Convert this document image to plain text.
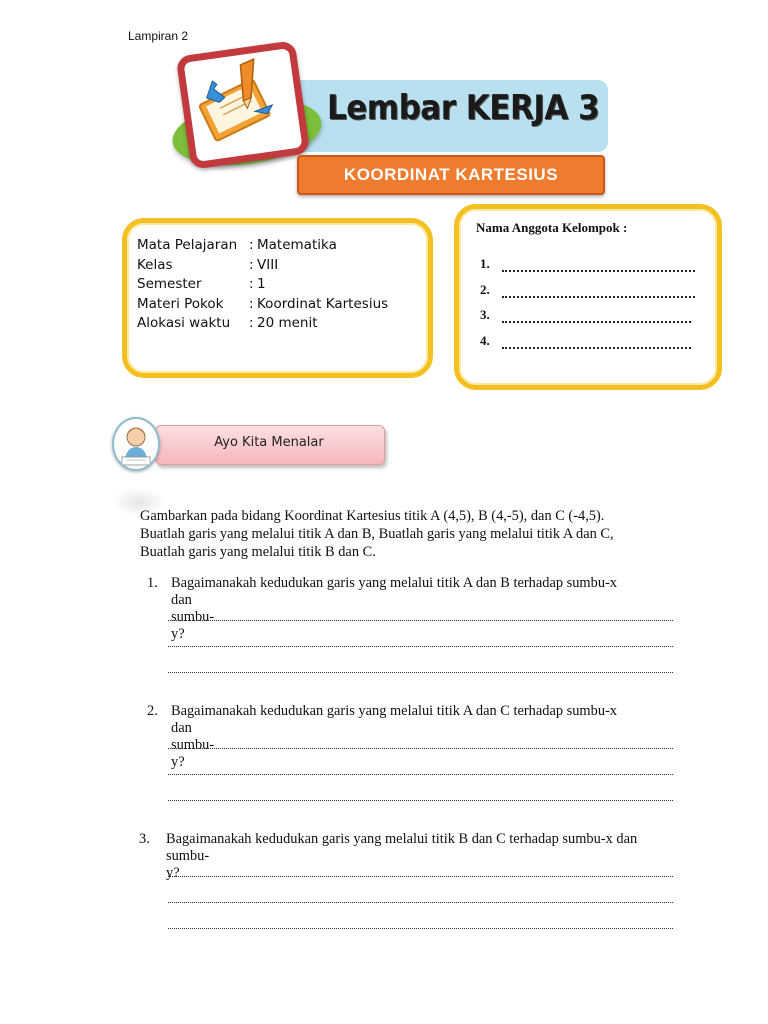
Lampiran 2
Lembar KERJA 3
KOORDINAT KARTESIUS
Mata Pelajaran : Matematika
Kelas	: VIII
Semester	: 1
Materi Pokok	: Koordinat Kartesius
Alokasi waktu	: 20 menit
Nama Anggota Kelompok :
1.
2.
3.
4.
Ayo Kita Menalar
Gambarkan pada bidang Koordinat Kartesius titik A (4,5), B (4,-5), dan C (-4,5).
Buatlah garis yang melalui titik A dan B, Buatlah garis yang melalui titik A dan C,
Buatlah garis yang melalui titik B dan C.
1. Bagaimanakah kedudukan garis yang melalui titik A dan B terhadap sumbu-x
dan sumbu-y?
2. Bagaimanakah kedudukan garis yang melalui titik A dan C terhadap sumbu-x
dan sumbu-y?
3. Bagaimanakah kedudukan garis yang melalui titik B dan C terhadap sumbu-x dan
sumbu-y?
